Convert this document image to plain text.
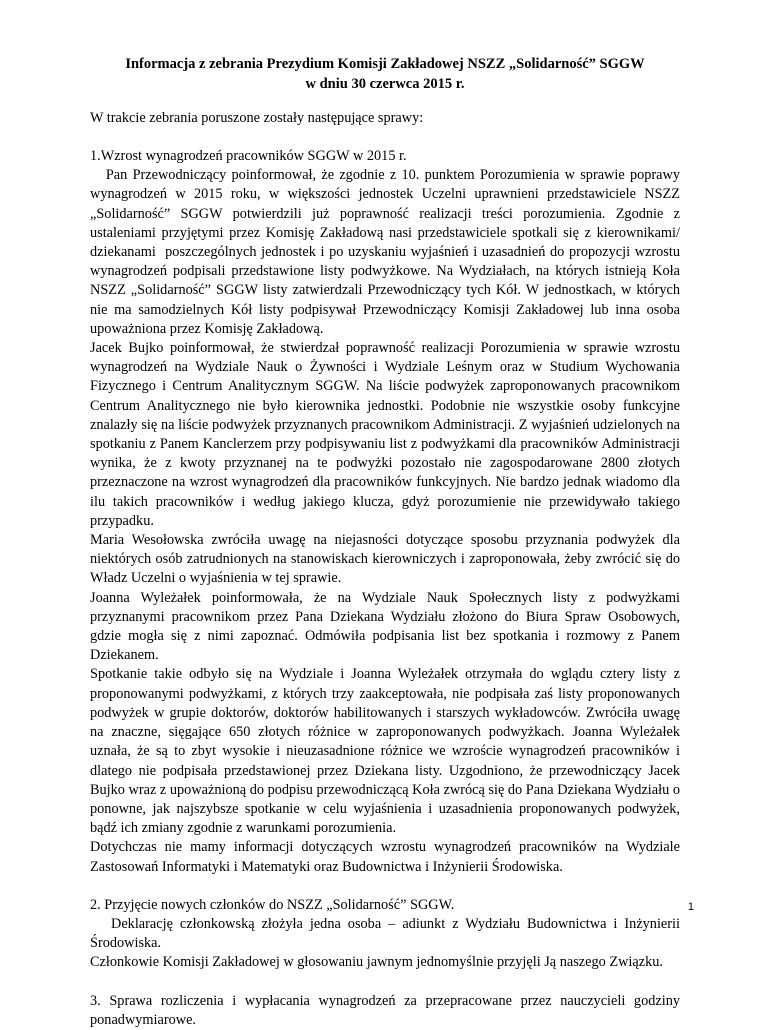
Informacja z zebrania Prezydium Komisji Zakładowej NSZZ „Solidarność” SGGW
w dniu 30 czerwca 2015 r.
W trakcie zebrania poruszone zostały następujące sprawy:

1.Wzrost wynagrodzeń pracowników SGGW w 2015 r.

Pan Przewodniczący poinformował, że zgodnie z 10. punktem Porozumienia w sprawie poprawy wynagrodzeń w 2015 roku, w większości jednostek Uczelni uprawnieni przedstawiciele NSZZ „Solidarność” SGGW potwierdzili już poprawność realizacji treści porozumienia. Zgodnie z ustaleniami przyjętymi przez Komisję Zakładową nasi przedstawiciele spotkali się z kierownikami/ dziekanami  poszczególnych jednostek i po uzyskaniu wyjaśnień i uzasadnień do propozycji wzrostu wynagrodzeń podpisali przedstawione listy podwyżkowe. Na Wydziałach, na których istnieją Koła NSZZ „Solidarność” SGGW listy zatwierdzali Przewodniczący tych Kół. W jednostkach, w których nie ma samodzielnych Kół listy podpisywał Przewodniczący Komisji Zakładowej lub inna osoba upoważniona przez Komisję Zakładową.

Jacek Bujko poinformował, że stwierdzał poprawność realizacji Porozumienia w sprawie wzrostu wynagrodzeń na Wydziale Nauk o Żywności i Wydziale Leśnym oraz w Studium Wychowania Fizycznego i Centrum Analitycznym SGGW. Na liście podwyżek zaproponowanych pracownikom Centrum Analitycznego nie było kierownika jednostki. Podobnie nie wszystkie osoby funkcyjne znalazły się na liście podwyżek przyznanych pracownikom Administracji. Z wyjaśnień udzielonych na spotkaniu z Panem Kanclerzem przy podpisywaniu list z podwyżkami dla pracowników Administracji wynika, że z kwoty przyznanej na te podwyżki pozostało nie zagospodarowane 2800 złotych przeznaczone na wzrost wynagrodzeń dla pracowników funkcyjnych. Nie bardzo jednak wiadomo dla ilu takich pracowników i według jakiego klucza, gdyż porozumienie nie przewidywało takiego przypadku.

Maria Wesołowska zwróciła uwagę na niejasności dotyczące sposobu przyznania podwyżek dla niektórych osób zatrudnionych na stanowiskach kierowniczych i zaproponowała, żeby zwrócić się do Władz Uczelni o wyjaśnienia w tej sprawie.

Joanna Wyleżałek poinformowała, że na Wydziale Nauk Społecznych listy z podwyżkami przyznanymi pracownikom przez Pana Dziekana Wydziału złożono do Biura Spraw Osobowych, gdzie mogła się z nimi zapoznać. Odmówiła podpisania list bez spotkania i rozmowy z Panem Dziekanem.

Spotkanie takie odbyło się na Wydziale i Joanna Wyleżałek otrzymała do wglądu cztery listy z proponowanymi podwyżkami, z których trzy zaakceptowała, nie podpisała zaś listy proponowanych podwyżek w grupie doktorów, doktorów habilitowanych i starszych wykładowców. Zwróciła uwagę na znaczne, sięgające 650 złotych różnice w zaproponowanych podwyżkach. Joanna Wyleżałek uznała, że są to zbyt wysokie i nieuzasadnione różnice we wzroście wynagrodzeń pracowników i dlatego nie podpisała przedstawionej przez Dziekana listy. Uzgodniono, że przewodniczący Jacek Bujko wraz z upoważnioną do podpisu przewodniczącą Koła zwrócą się do Pana Dziekana Wydziału o ponowne, jak najszybsze spotkanie w celu wyjaśnienia i uzasadnienia proponowanych podwyżek, bądź ich zmiany zgodnie z warunkami porozumienia.

Dotychczas nie mamy informacji dotyczących wzrostu wynagrodzeń pracowników na Wydziale Zastosowań Informatyki i Matematyki oraz Budownictwa i Inżynierii Środowiska.

2. Przyjęcie nowych członków do NSZZ „Solidarność” SGGW.

Deklarację członkowską złożyła jedna osoba – adiunkt z Wydziału Budownictwa i Inżynierii Środowiska.

Członkowie Komisji Zakładowej w głosowaniu jawnym jednomyślnie przyjęli Ją naszego Związku.

3. Sprawa rozliczenia i wypłacania wynagrodzeń za przepracowane przez nauczycieli godziny ponadwymiarowe.

1
